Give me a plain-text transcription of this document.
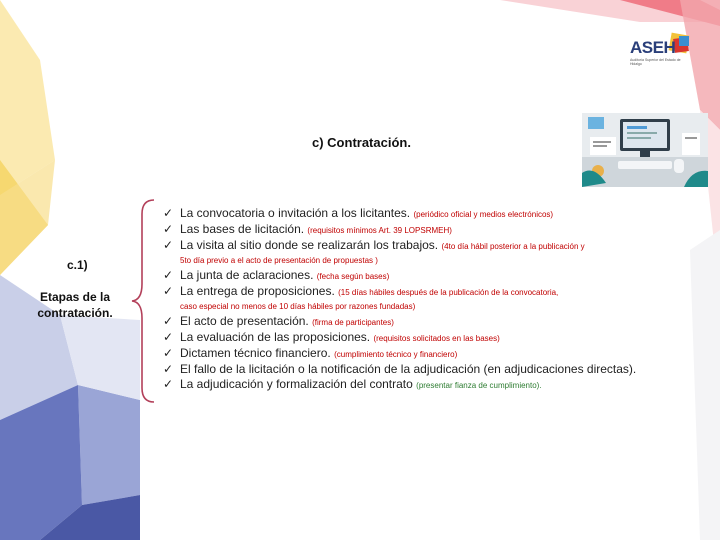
ASEH
Auditoría Superior del Estado de Hidalgo
c) Contratación.
c.1)
Etapas de la
contratación.
✓ La convocatoria o invitación a los licitantes. (periódico oficial y medios electrónicos)
✓ Las bases de licitación. (requisitos mínimos Art. 39 LOPSRMEH)
✓ La visita al sitio donde se realizarán los trabajos. (4to día hábil posterior a la publicación y
5to día previo a el acto de presentación de propuestas )
✓ La junta de aclaraciones. (fecha según bases)
✓ La entrega de proposiciones. (15 días hábiles después de la publicación de la convocatoria,
caso especial no menos de 10 días hábiles por razones fundadas)
✓ El acto de presentación. (firma de participantes)
✓ La evaluación de las proposiciones. (requisitos solicitados en las bases)
✓ Dictamen técnico financiero. (cumplimiento técnico y financiero)
✓ El fallo de la licitación o la notificación de la adjudicación (en adjudicaciones directas).
✓ La adjudicación y formalización del contrato (presentar fianza de cumplimiento).
